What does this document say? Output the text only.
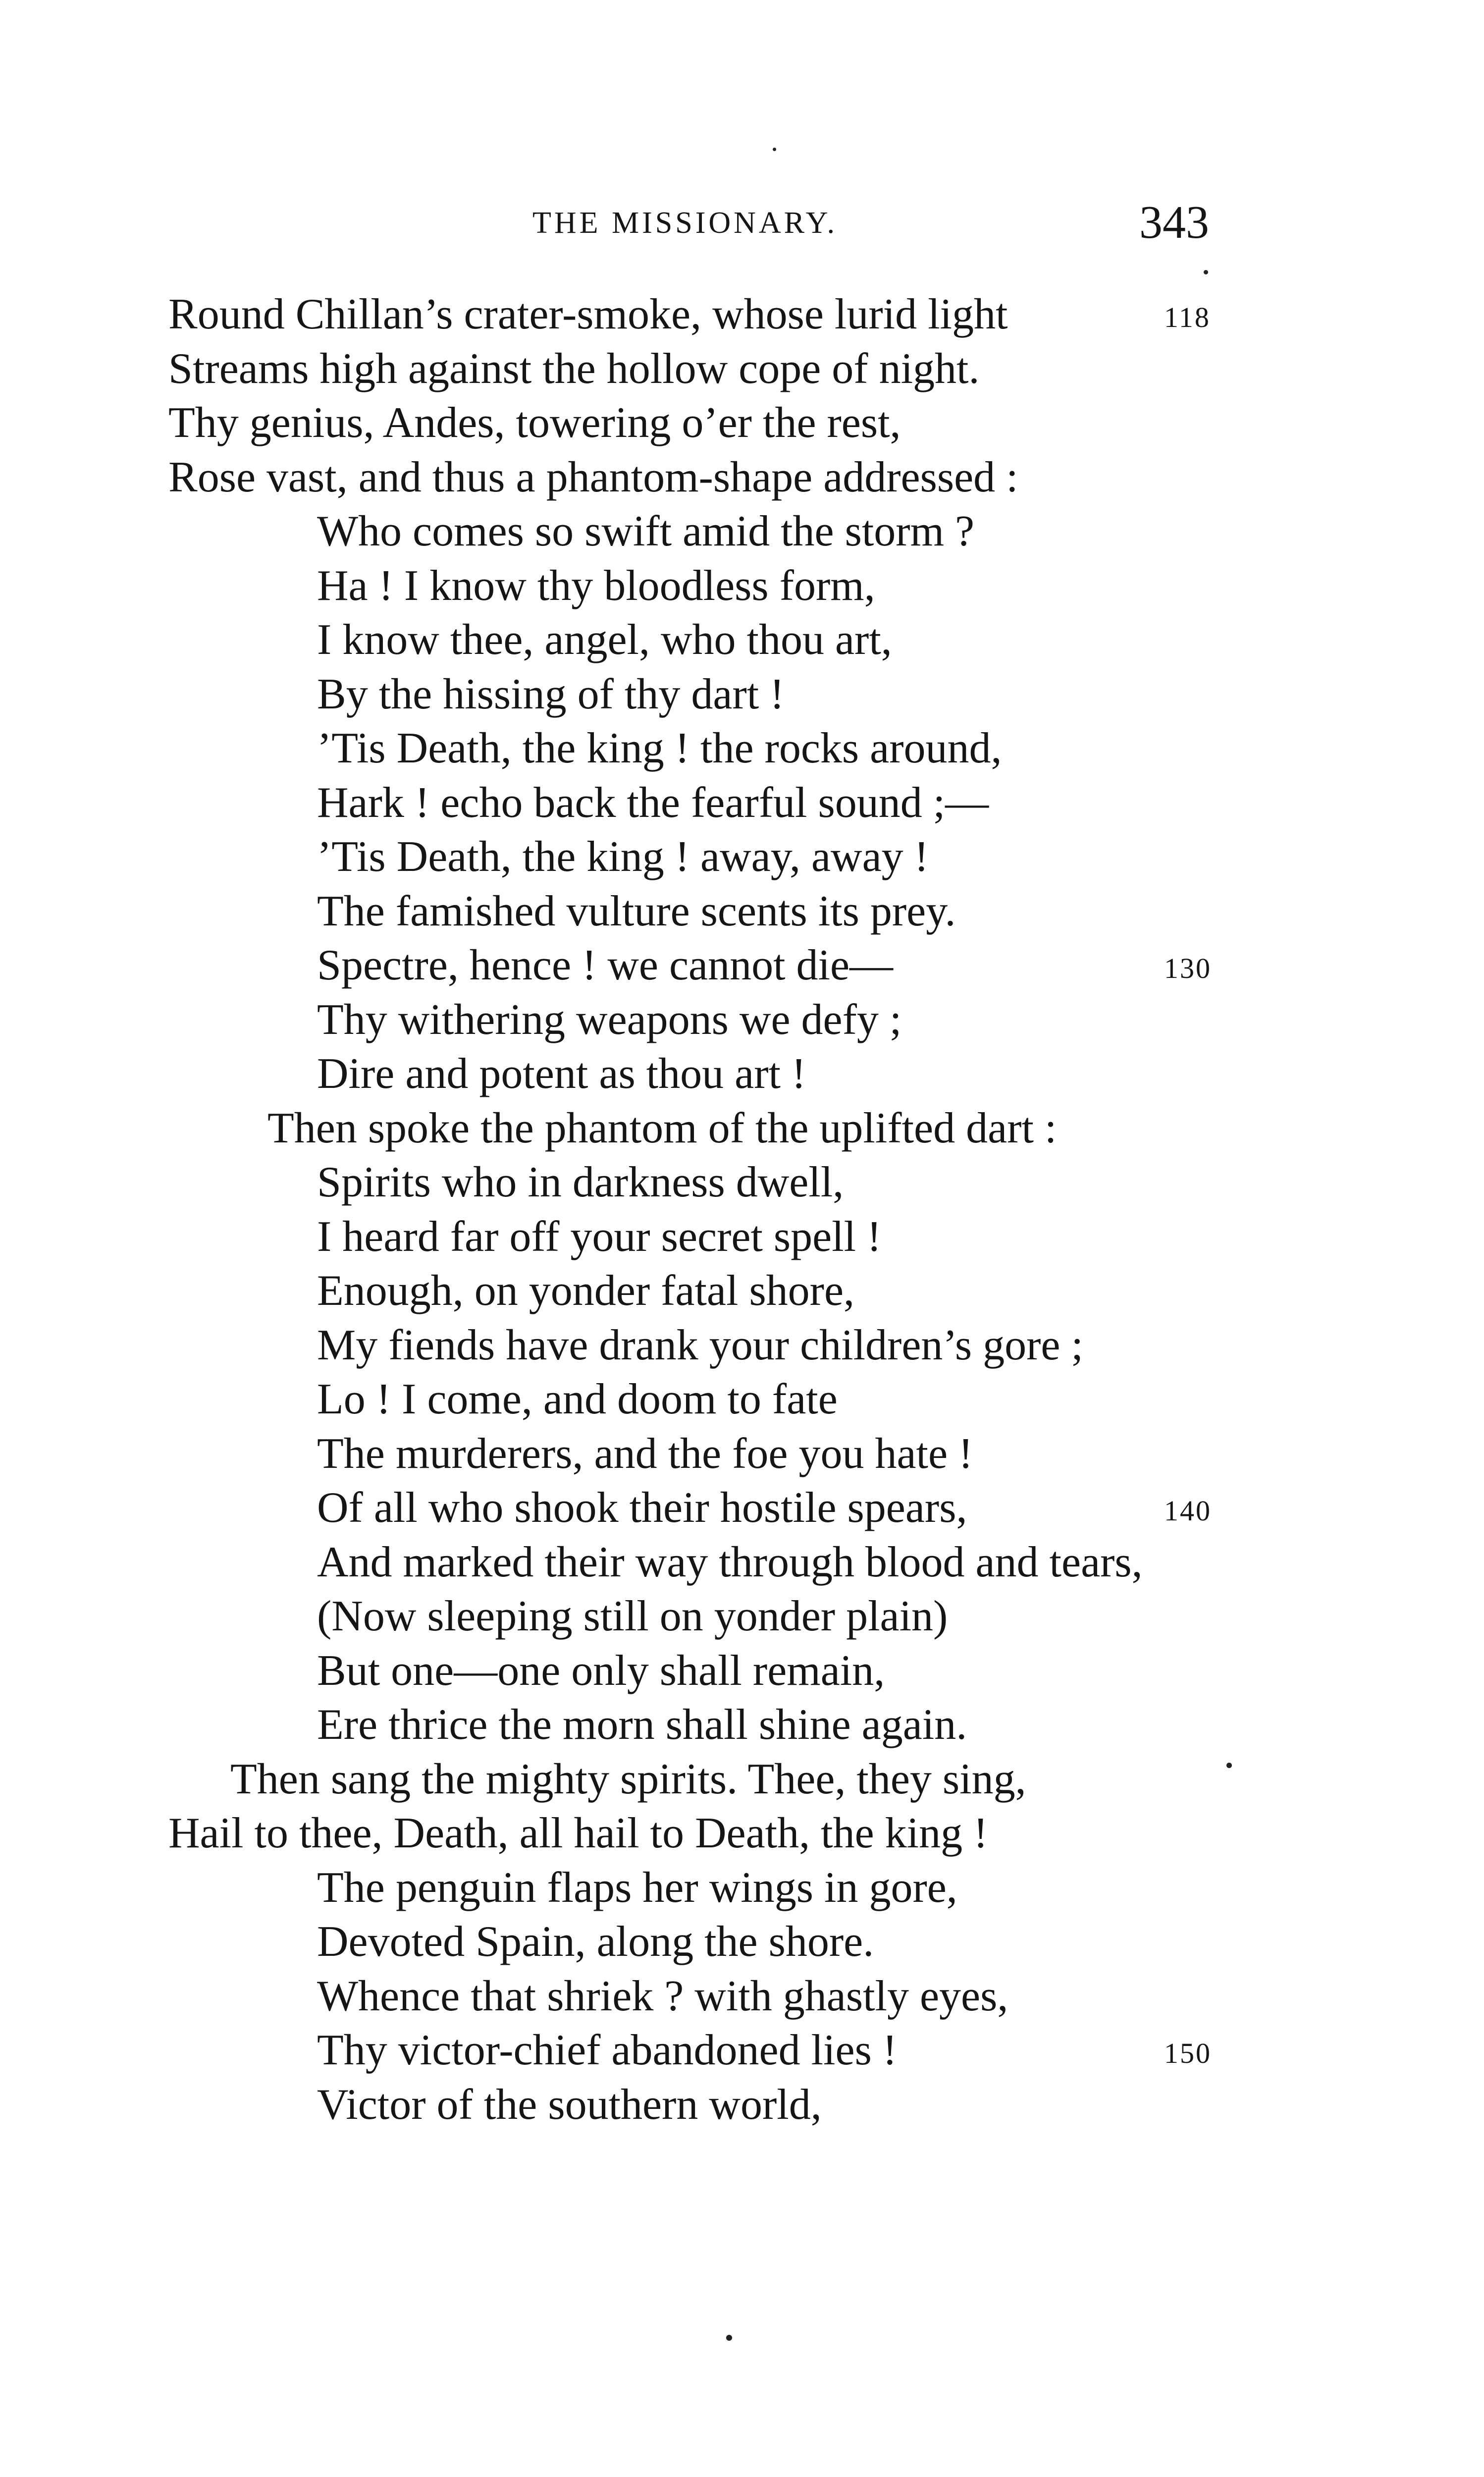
THE MISSIONARY.	343
Round Chillan’s crater-smoke, whose lurid light	118
Streams high against the hollow cope of night.
Thy genius, Andes, towering o’er the rest,
Rose vast, and thus a phantom-shape addressed :
Who comes so swift amid the storm ?
Ha ! I know thy bloodless form,
I know thee, angel, who thou art,
By the hissing of thy dart !
’Tis Death, the king ! the rocks around,
Hark ! echo back the fearful sound ;—
’Tis Death, the king ! away, away !
The famished vulture scents its prey.
Spectre, hence ! we cannot die—	130
Thy withering weapons we defy ;
Dire and potent as thou art !
Then spoke the phantom of the uplifted dart :
Spirits who in darkness dwell,
I heard far off your secret spell !
Enough, on yonder fatal shore,
My fiends have drank your children’s gore ;
Lo ! I come, and doom to fate
The murderers, and the foe you hate !
Of all who shook their hostile spears,	140
And marked their way through blood and tears,
(Now sleeping still on yonder plain)
But one—one only shall remain,
Ere thrice the morn shall shine again.
Then sang the mighty spirits. Thee, they sing,
Hail to thee, Death, all hail to Death, the king !
The penguin flaps her wings in gore,
Devoted Spain, along the shore.
Whence that shriek ? with ghastly eyes,
Thy victor-chief abandoned lies !	150
Victor of the southern world,
